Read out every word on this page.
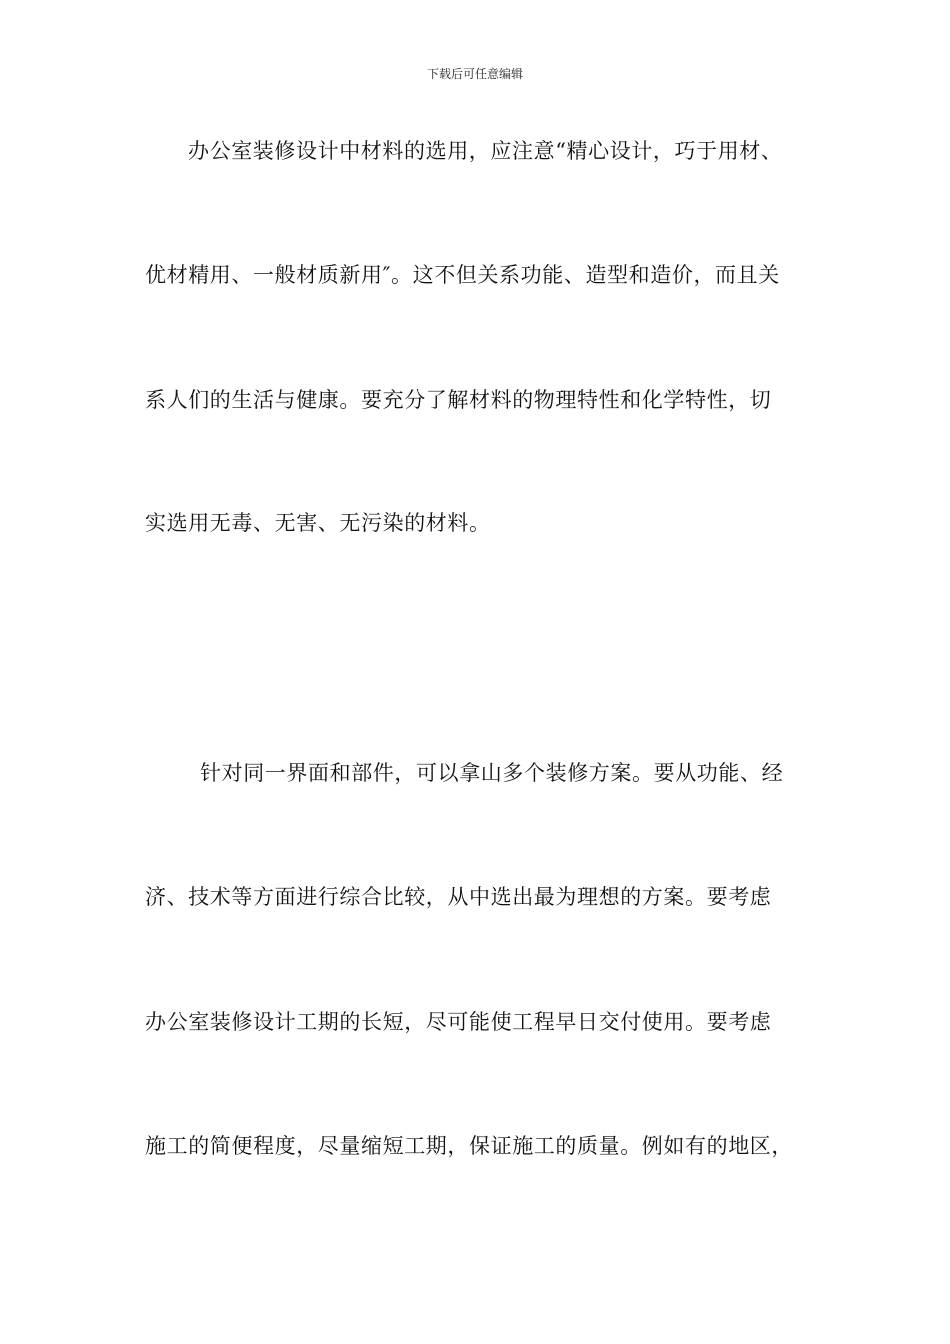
下载后可任意编辑
办公室装修设计中材料的选用，应注意“精心设计，巧于用材、
优材精用、一般材质新用″。这不但关系功能、造型和造价，而且关
系人们的生活与健康。要充分了解材料的物理特性和化学特性，切
实选用无毒、无害、无污染的材料。
针对同一界面和部件，可以拿山多个装修方案。要从功能、经
济、技术等方面进行综合比较，从中选出最为理想的方案。要考虑
办公室装修设计工期的长短，尽可能使工程早日交付使用。要考虑
施工的简便程度，尽量缩短工期，保证施工的质量。例如有的地区，
